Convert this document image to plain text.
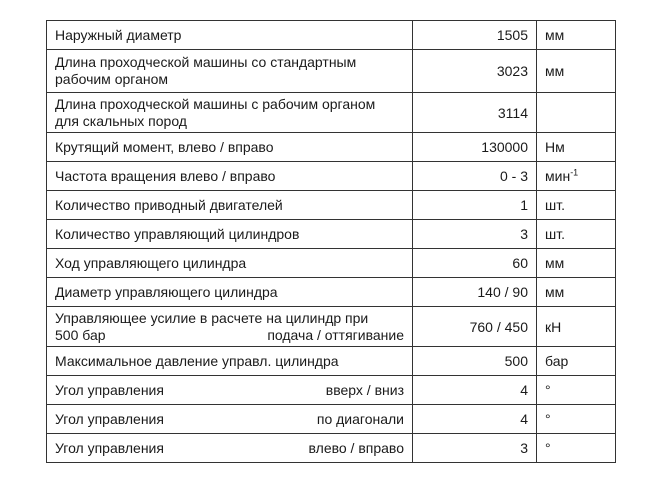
Наружный диаметр	1505	мм

Длина проходческой машины со стандартным
рабочим органом	3023	мм

Длина проходческой машины с рабочим органом
для скальных пород	3114	
Крутящий момент, влево / вправо	130000	Нм
Частота вращения влево / вправо	0 - 3	мин$^{-1}$
Количество приводный двигателей	1	шт.
Количество управляющий цилиндров	3	шт.
Ход управляющего цилиндра	60	мм
Диаметр управляющего цилиндра	140 / 90	мм

Управляющее усилие в расчете на цилиндр при
500 бар подача / оттягивание	760 / 450	кН
Максимальное давление управл. цилиндра	500	бар

Угол управления вверх / вниз	4	°

Угол управления по диагонали	4	°

Угол управления влево / вправо	3	°
